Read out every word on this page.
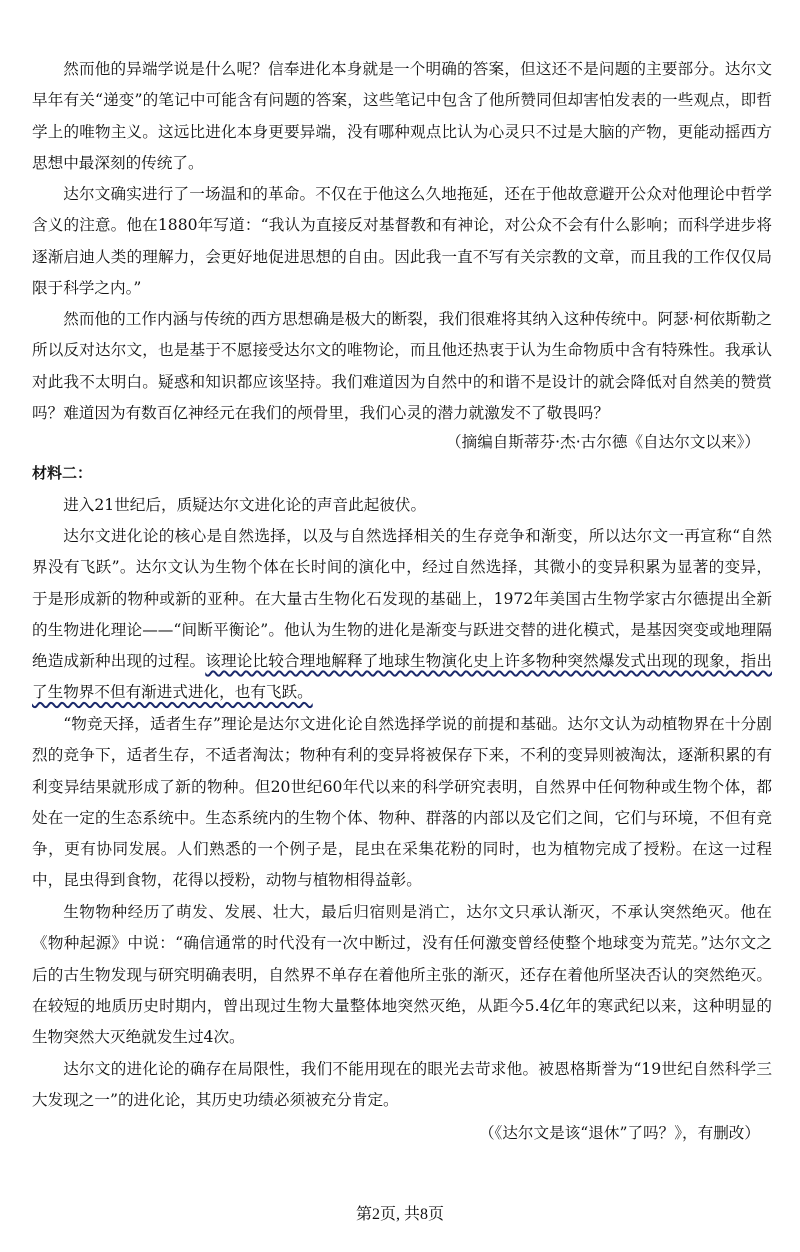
然而他的异端学说是什么呢？信奉进化本身就是一个明确的答案，但这还不是问题的主要部分。达尔文早年有关“递变”的笔记中可能含有问题的答案，这些笔记中包含了他所赞同但却害怕发表的一些观点，即哲学上的唯物主义。这远比进化本身更要异端，没有哪种观点比认为心灵只不过是大脑的产物，更能动摇西方思想中最深刻的传统了。

达尔文确实进行了一场温和的革命。不仅在于他这么久地拖延，还在于他故意避开公众对他理论中哲学含义的注意。他在1880年写道：“我认为直接反对基督教和有神论，对公众不会有什么影响；而科学进步将逐渐启迪人类的理解力，会更好地促进思想的自由。因此我一直不写有关宗教的文章，而且我的工作仅仅局限于科学之内。”

然而他的工作内涵与传统的西方思想确是极大的断裂，我们很难将其纳入这种传统中。阿瑟·柯依斯勒之所以反对达尔文，也是基于不愿接受达尔文的唯物论，而且他还热衷于认为生命物质中含有特殊性。我承认对此我不太明白。疑惑和知识都应该坚持。我们难道因为自然中的和谐不是设计的就会降低对自然美的赞赏吗？难道因为有数百亿神经元在我们的颅骨里，我们心灵的潜力就激发不了敬畏吗？

（摘编自斯蒂芬·杰·古尔德《自达尔文以来》）

材料二：

进入21世纪后，质疑达尔文进化论的声音此起彼伏。

达尔文进化论的核心是自然选择，以及与自然选择相关的生存竞争和渐变，所以达尔文一再宣称“自然界没有飞跃”。达尔文认为生物个体在长时间的演化中，经过自然选择，其微小的变异积累为显著的变异，于是形成新的物种或新的亚种。在大量古生物化石发现的基础上，1972年美国古生物学家古尔德提出全新的生物进化理论——“间断平衡论”。他认为生物的进化是渐变与跃进交替的进化模式，是基因突变或地理隔绝造成新种出现的过程。该理论比较合理地解释了地球生物演化史上许多物种突然爆发式出现的现象，指出了生物界不但有渐进式进化，也有飞跃。

“物竞天择，适者生存”理论是达尔文进化论自然选择学说的前提和基础。达尔文认为动植物界在十分剧烈的竞争下，适者生存，不适者淘汰；物种有利的变异将被保存下来，不利的变异则被淘汰，逐渐积累的有利变异结果就形成了新的物种。但20世纪60年代以来的科学研究表明，自然界中任何物种或生物个体，都处在一定的生态系统中。生态系统内的生物个体、物种、群落的内部以及它们之间，它们与环境，不但有竞争，更有协同发展。人们熟悉的一个例子是，昆虫在采集花粉的同时，也为植物完成了授粉。在这一过程中，昆虫得到食物，花得以授粉，动物与植物相得益彰。

生物物种经历了萌发、发展、壮大，最后归宿则是消亡，达尔文只承认渐灭，不承认突然绝灭。他在《物种起源》中说：“确信通常的时代没有一次中断过，没有任何激变曾经使整个地球变为荒芜。”达尔文之后的古生物发现与研究明确表明，自然界不单存在着他所主张的渐灭，还存在着他所坚决否认的突然绝灭。在较短的地质历史时期内，曾出现过生物大量整体地突然灭绝，从距今5.4亿年的寒武纪以来，这种明显的生物突然大灭绝就发生过4次。

达尔文的进化论的确存在局限性，我们不能用现在的眼光去苛求他。被恩格斯誉为“19世纪自然科学三大发现之一”的进化论，其历史功绩必须被充分肯定。

（《达尔文是该“退休”了吗？》，有删改）

第2页, 共8页
